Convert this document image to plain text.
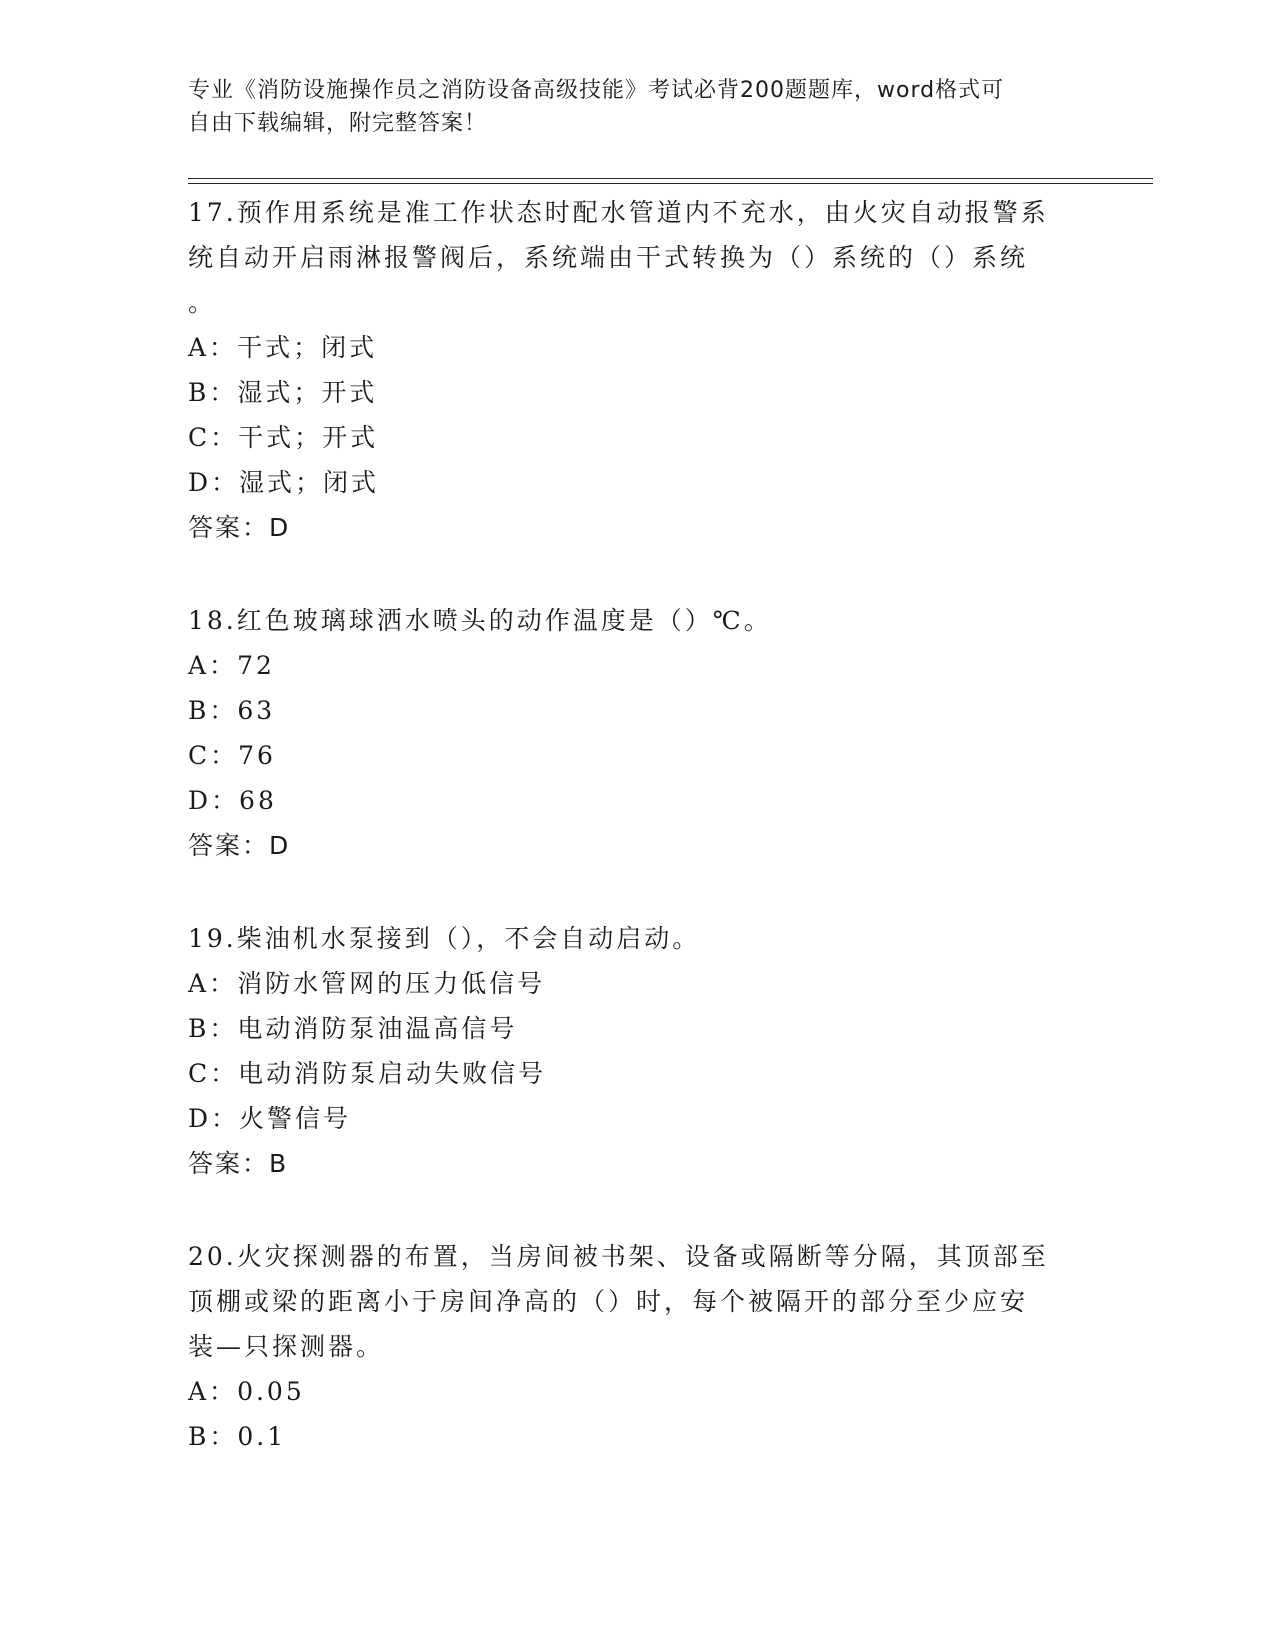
专业《消防设施操作员之消防设备高级技能》考试必背200题题库，word格式可
自由下载编辑，附完整答案！
17.预作用系统是准工作状态时配水管道内不充水，由火灾自动报警系
统自动开启雨淋报警阀后，系统端由干式转换为（）系统的（）系统
。
A：干式；闭式
B：湿式；开式
C：干式；开式
D：湿式；闭式
答案：D
18.红色玻璃球洒水喷头的动作温度是（）℃。
A：72
B：63
C：76
D：68
答案：D
19.柴油机水泵接到（），不会自动启动。
A：消防水管网的压力低信号
B：电动消防泵油温高信号
C：电动消防泵启动失败信号
D：火警信号
答案：B
20.火灾探测器的布置，当房间被书架、设备或隔断等分隔，其顶部至
顶棚或梁的距离小于房间净高的（）时，每个被隔开的部分至少应安
装—只探测器。
A：0.05
B：0.1
